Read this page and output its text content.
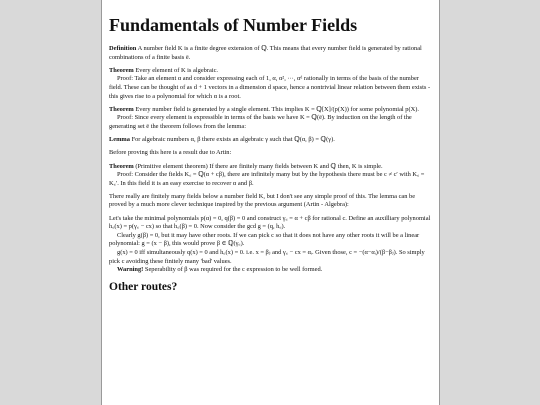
Fundamentals of Number Fields

Definition A number field K is a finite degree extension of ℚ. This means that every number field is generated by rational combinations of a finite basis ē.

Theorem Every element of K is algebraic.

Proof: Take an element α and consider expressing each of 1, α, α², ···, αᵈ rationally in terms of the basis of the number field. These can be thought of as d + 1 vectors in a dimension d space, hence a nontrivial linear relation between them exists - this gives rise to a polynomial for which α is a root.

Theorem Every number field is generated by a single element. This implies K = ℚ[X]/(p(X)) for some polynomial p(X).

Proof: Since every element is expressible in terms of the basis we have K = ℚ(ē). By induction on the length of the generating set ē the theorem follows from the lemma:

Lemma For algebraic numbers α, β there exists an algebraic γ such that ℚ(α, β) = ℚ(γ).

Before proving this here is a result due to Artin:

Theorem (Primitive element theorem) If there are finitely many fields between K and ℚ then, K is simple.

Proof: Consider the fields K꜀ = ℚ(α + cβ), there are infinitely many but by the hypothesis there must be c ≠ c′ with K꜀ = K꜀′. In this field it is an easy exercise to recover α and β.

There really are finitely many fields below a number field K, but I don't see any simple proof of this. The lemma can be proved by a much more clever technique inspired by the previous argument (Artin - Algebra):

Let's take the minimal polynomials p(α) = 0, q(β) = 0 and construct γ꜀ = α + cβ for rational c. Define an auxilliary polynomial h꜀(x) = p(γ꜀ − cx) so that h꜀(β) = 0. Now consider the gcd g = (q, h꜀).

Clearly g(β) = 0, but it may have other roots. If we can pick c so that it does not have any other roots it will be a linear polynomial: g = (x − β), this would prove β ∈ ℚ(γ꜀).

g(x) = 0 iff simultaneously q(x) = 0 and h꜀(x) = 0. i.e. x = βⱼ and γ꜀ − cx = αᵢ. Given those, c = −(α−αᵢ)/(β−βⱼ). So simply pick c avoiding these finitely many 'bad' values.

Warning! Seperability of β was required for the c expression to be well formed.

Other routes?
